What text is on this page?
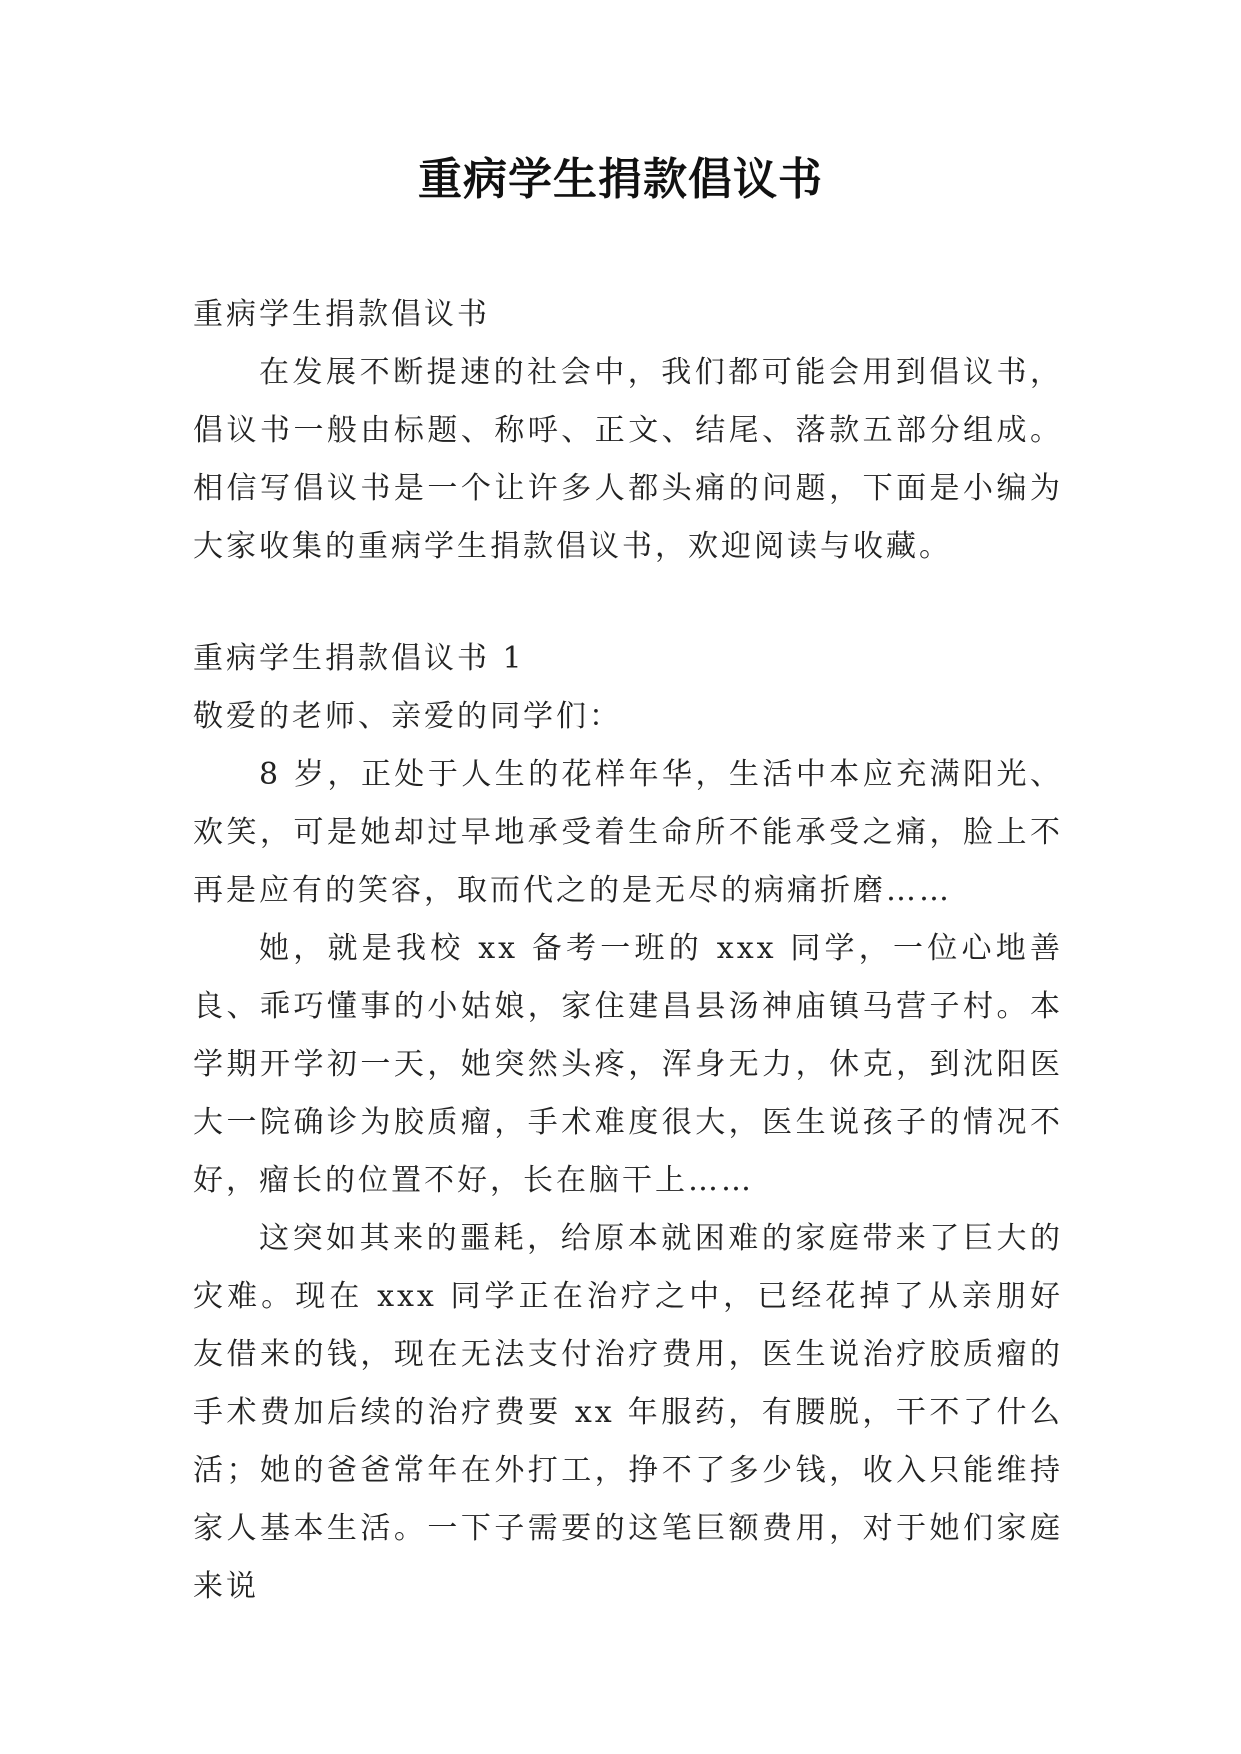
重病学生捐款倡议书

重病学生捐款倡议书

在发展不断提速的社会中，我们都可能会用到倡议书，倡议书一般由标题、称呼、正文、结尾、落款五部分组成。相信写倡议书是一个让许多人都头痛的问题，下面是小编为大家收集的重病学生捐款倡议书，欢迎阅读与收藏。

重病学生捐款倡议书 1

敬爱的老师、亲爱的同学们：

8 岁，正处于人生的花样年华，生活中本应充满阳光、欢笑，可是她却过早地承受着生命所不能承受之痛，脸上不再是应有的笑容，取而代之的是无尽的病痛折磨……

她，就是我校 xx 备考一班的 xxx 同学，一位心地善良、乖巧懂事的小姑娘，家住建昌县汤神庙镇马营子村。本学期开学初一天，她突然头疼，浑身无力，休克，到沈阳医大一院确诊为胶质瘤，手术难度很大，医生说孩子的情况不好，瘤长的位置不好，长在脑干上……

这突如其来的噩耗，给原本就困难的家庭带来了巨大的灾难。现在 xxx 同学正在治疗之中，已经花掉了从亲朋好友借来的钱，现在无法支付治疗费用，医生说治疗胶质瘤的手术费加后续的治疗费要 xx 年服药，有腰脱，干不了什么活；她的爸爸常年在外打工，挣不了多少钱，收入只能维持家人基本生活。一下子需要的这笔巨额费用，对于她们家庭来说
